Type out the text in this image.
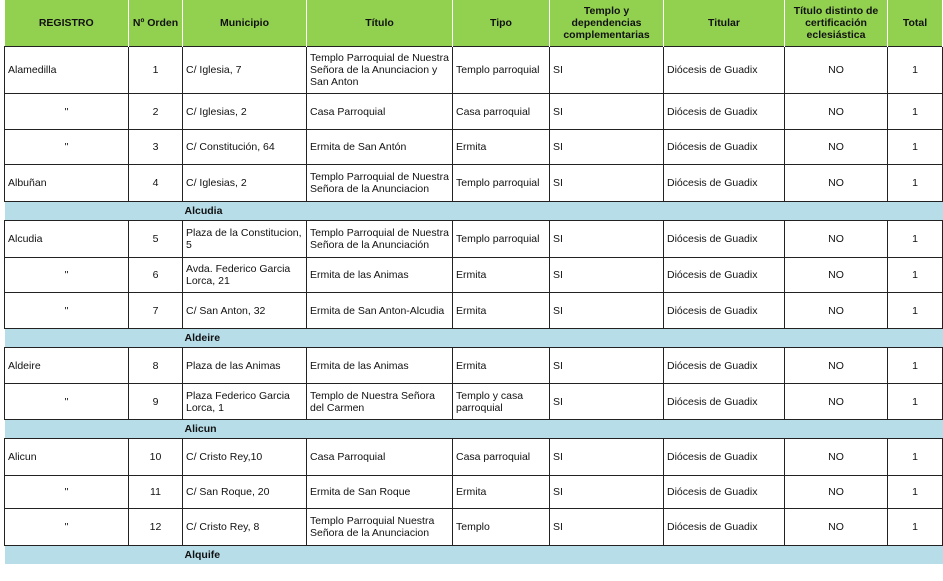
REGISTRO	Nº Orden	Municipio	Título	Tipo	Templo y dependencias complementarias	Titular	Título distinto de certificación eclesiástica	Total
Alamedilla	1	C/ Iglesia, 7	Templo Parroquial de Nuestra Señora de la Anunciacion y San Anton	Templo parroquial	SI	Diócesis de Guadix	NO	1
"	2	C/ Iglesias, 2	Casa Parroquial	Casa parroquial	SI	Diócesis de Guadix	NO	1
"	3	C/ Constitución, 64	Ermita de San Antón	Ermita	SI	Diócesis de Guadix	NO	1
Albuñan	4	C/ Iglesias, 2	Templo Parroquial de Nuestra Señora de la Anunciacion	Templo parroquial	SI	Diócesis de Guadix	NO	1
		Alcudia						
Alcudia	5	Plaza de la Constitucion, 5	Templo Parroquial de Nuestra Señora de la Anunciación	Templo parroquial	SI	Diócesis de Guadix	NO	1
"	6	Avda. Federico Garcia Lorca, 21	Ermita de las Animas	Ermita	SI	Diócesis de Guadix	NO	1
"	7	C/ San Anton, 32	Ermita de San Anton-Alcudia	Ermita	SI	Diócesis de Guadix	NO	1
		Aldeire						
Aldeire	8	Plaza de las Animas	Ermita de las Animas	Ermita	SI	Diócesis de Guadix	NO	1
"	9	Plaza Federico Garcia Lorca, 1	Templo de Nuestra Señora del Carmen	Templo y casa parroquial	SI	Diócesis de Guadix	NO	1
		Alicun						
Alicun	10	C/ Cristo Rey,10	Casa Parroquial	Casa parroquial	SI	Diócesis de Guadix	NO	1
"	11	C/ San Roque, 20	Ermita de San Roque	Ermita	SI	Diócesis de Guadix	NO	1
"	12	C/ Cristo Rey, 8	Templo Parroquial Nuestra Señora de la Anunciacion	Templo	SI	Diócesis de Guadix	NO	1
		Alquife						
